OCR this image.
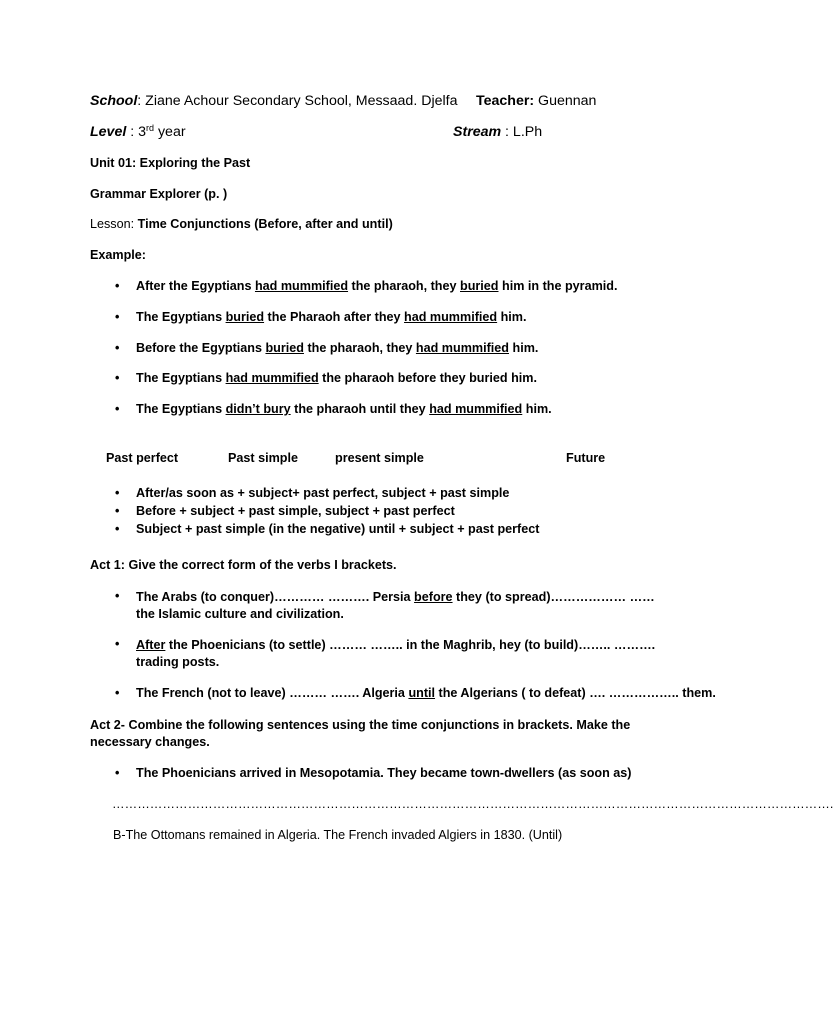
School: Ziane Achour Secondary School, Messaad. Djelfa Teacher: Guennan
Level : 3rd year	Stream : L.Ph
Unit 01: Exploring the Past
Grammar Explorer (p. )
Lesson: Time Conjunctions (Before, after and until)
Example:
• After the Egyptians had mummified the pharaoh, they buried him in the pyramid.
• The Egyptians buried the Pharaoh after they had mummified him.
• Before the Egyptians buried the pharaoh, they had mummified him.
• The Egyptians had mummified the pharaoh before they buried him.
• The Egyptians didn’t bury the pharaoh until they had mummified him.
Past perfect	Past simple	present simple	Future
• After/as soon as + subject+ past perfect, subject + past simple
• Before + subject + past simple, subject + past perfect
• Subject + past simple (in the negative) until + subject + past perfect
Act 1: Give the correct form of the verbs I brackets.
• The Arabs (to conquer)………… ………. Persia before they (to spread)……………… …… the Islamic culture and civilization.
• After the Phoenicians (to settle) ……… …….. in the Maghrib, hey (to build)…….. ………. trading posts.
• The French (not to leave) ……… ……. Algeria until the Algerians ( to defeat) …. …………….. them.
Act 2- Combine the following sentences using the time conjunctions in brackets. Make the necessary changes.
• The Phoenicians arrived in Mesopotamia. They became town-dwellers (as soon as)
……………………………………………………………………………………………………………………………………………………….
B-The Ottomans remained in Algeria. The French invaded Algiers in 1830. (Until)
